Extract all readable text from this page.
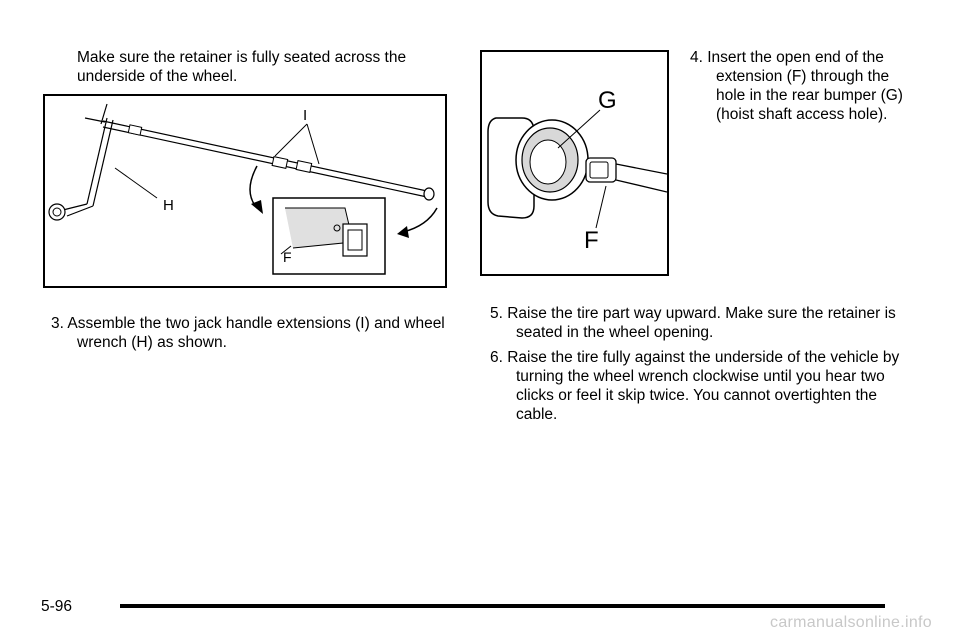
Make sure the retainer is fully seated across the underside of the wheel.
H
I
F
3. Assemble the two jack handle extensions (I) and wheel wrench (H) as shown.
G
F
4. Insert the open end of the extension (F) through the hole in the rear bumper (G) (hoist shaft access hole).
5. Raise the tire part way upward. Make sure the retainer is seated in the wheel opening.
6. Raise the tire fully against the underside of the vehicle by turning the wheel wrench clockwise until you hear two clicks or feel it skip twice. You cannot overtighten the cable.
5-96
carmanualsonline.info
